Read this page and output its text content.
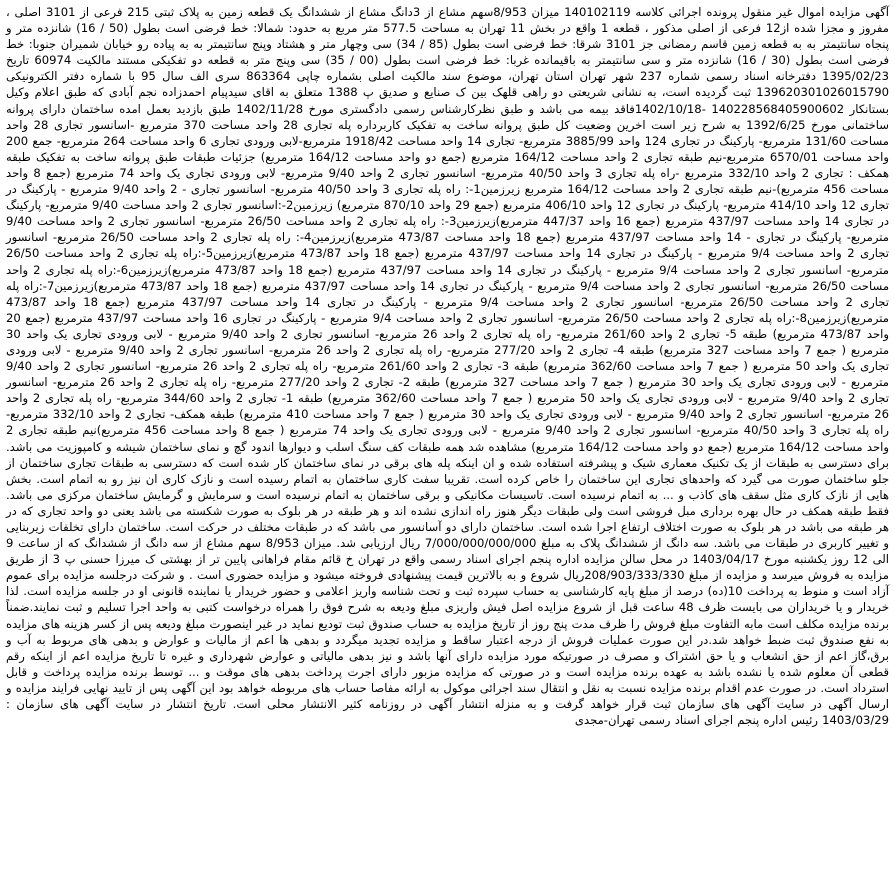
آگهی مزایده اموال غیر منقول پرونده اجرائی کلاسه 140102119 میزان 8/953سهم مشاع از 3دانگ مشاع از ششدانگ یک قطعه زمین به پلاک ثبتی 215 فرعی از 3101 اصلی ، مفروز و مجزا شده از12 فرعی از اصلی مذکور ، قطعه 1 واقع در بخش 11 تهران به مساحت 577.5 متر مربع به حدود: شمالا: خط فرضی است بطول (50 / 16) شانزده متر و پنجاه سانتیمتر به به قطعه زمین قاسم رمضانی جز 3101 شرقا: خط فرضی است بطول (85 / 34) سی وچهار متر و هشتاد وپنج سانتیمتر به به پیاده رو خیابان شمیران جنوبا: خط فرضی است بطول (30 / 16) شانزده متر و سی سانتیمتر به باقیمانده غربا: خط فرضی است بطول (00 / 35) سی وپنج متر به قطعه دو تفکیکی مستند مالکیت 60974 تاریخ 1395/02/23 دفترخانه اسناد رسمی شماره 237 شهر تهران استان تهران، موضوع سند مالکیت اصلی بشماره چاپی 863364 سری الف سال 95 با شماره دفتر الکترونیکی 139620301026015790 ثبت گردیده است، به نشانی شریعتی دو راهی قلهک بین ک صنایع و صدیق پ 1388 متعلق به اقای سیدپیام احمدزاده نجم آبادی که طبق اعلام وکیل بستانکار 140228568405900602 -1402/10/18فاقد بیمه می باشد و طبق نظرکارشناس رسمی دادگستری مورخ 1402/11/28 طبق بازدید بعمل امده ساختمان دارای پروانه ساختمانی مورخ 1392/6/25 به شرح زیر است اخرین وضعیت کل طبق پروانه ساخت به تفکیک کاربرداره پله تجاری 28 واحد مساحت 370 مترمربع -اسانسور تجاری 28 واحد مساحت 131/60 مترمربع- پارکینگ در تجاری 124 واحد 3885/99 مترمربع- تجاری 14 واحد مساحت 1918/42 مترمربع-لابی ورودی تجاری 6 واحد مساحت 264 مترمربع- جمع 200 واحد مساحت 6570/01 مترمربع-نیم طبقه تجاری 2 واحد مساحت 164/12 مترمربع (جمع دو واحد مساحت 164/12 مترمربع) جزئیات طبقات طبق پروانه ساخت به تفکیک طبقه همکف : تجاری 2 واحد 332/10 مترمربع -راه پله تجاری 3 واحد 40/50 مترمربع- اسانسور تجاری 2 واحد 9/40 مترمربع- لابی ورودی تجاری یک واحد 74 مترمربع (جمع 8 واحد مساحت 456 مترمربع)-نیم طبقه تجاری 2 واحد مساحت 164/12 مترمربع زیرزمین1-: راه پله تجاری 3 واحد 40/50 مترمربع- اسانسور تجاری - 2 واحد 9/40 مترمربع - پارکینگ در تجاری 12 واحد 414/10 مترمربع- پارکینگ در تجاری 12 واحد 406/10 مترمربع (جمع 29 واحد 870/10 مترمربع) زیرزمین2-:اسانسور تجاری 2 واحد مساحت 9/40 مترمربع- پارکینگ در تجاری 14 واحد مساحت 437/97 مترمربع (جمع 16 واحد 447/37 مترمربع)زیرزمین3-: راه پله تجاری 2 واحد مساحت 26/50 مترمربع- اسانسور تجاری 2 واحد مساحت 9/40 مترمربع- پارکینگ در تجاری - 14 واحد مساحت 437/97 مترمربع (جمع 18 واحد مساحت 473/87 مترمربع)زیرزمین4-: راه پله تجاری 2 واحد مساحت 26/50 مترمربع- اسانسور تجاری 2 واحد مساحت 9/4 مترمربع - پارکینگ در تجاری 14 واحد مساحت 437/97 مترمربع (جمع 18 واحد 473/87 مترمربع)زیرزمین5-:راه پله تجاری 2 واحد مساحت 26/50 مترمربع- اسانسور تجاری 2 واحد مساحت 9/4 مترمربع - پارکینگ در تجاری 14 واحد مساحت 437/97 مترمربع (جمع 18 واحد 473/87 مترمربع)زیرزمین6-:راه پله تجاری 2 واحد مساحت 26/50 مترمربع- اسانسور تجاری 2 واحد مساحت 9/4 مترمربع - پارکینگ در تجاری 14 واحد مساحت 437/97 مترمربع (جمع 18 واحد 473/87 مترمربع)زیرزمین7-:راه پله تجاری 2 واحد مساحت 26/50 مترمربع- اسانسور تجاری 2 واحد مساحت 9/4 مترمربع - پارکینگ در تجاری 14 واحد مساحت 437/97 مترمربع (جمع 18 واحد 473/87 مترمربع)زیرزمین8-:راه پله تجاری 2 واحد مساحت 26/50 مترمربع- اسانسور تجاری 2 واحد مساحت 9/4 مترمربع - پارکینگ در تجاری 16 واحد مساحت 437/97 مترمربع (جمع 20 واحد 473/87 مترمربع) طبقه 5- تجاری 2 واحد 261/60 مترمربع- راه پله تجاری 2 واحد 26 مترمربع- اسانسور تجاری 2 واحد 9/40 مترمربع - لابی ورودی تجاری یک واحد 30 مترمربع ( جمع 7 واحد مساحت 327 مترمربع) طبقه 4- تجاری 2 واحد 277/20 مترمربع- راه پله تجاری 2 واحد 26 مترمربع- اسانسور تجاری 2 واحد 9/40 مترمربع - لابی ورودی تجاری یک واحد 50 مترمربع ( جمع 7 واحد مساحت 362/60 مترمربع) طبقه 3- تجاری 2 واحد 261/60 مترمربع- راه پله تجاری 2 واحد 26 مترمربع- اسانسور تجاری 2 واحد 9/40 مترمربع - لابی ورودی تجاری یک واحد 30 مترمربع ( جمع 7 واحد مساحت 327 مترمربع) طبقه 2- تجاری 2 واحد 277/20 مترمربع- راه پله تجاری 2 واحد 26 مترمربع- اسانسور تجاری 2 واحد 9/40 مترمربع - لابی ورودی تجاری یک واحد 50 مترمربع ( جمع 7 واحد مساحت 362/60 مترمربع) طبقه 1- تجاری 2 واحد 344/60 مترمربع- راه پله تجاری 2 واحد 26 مترمربع- اسانسور تجاری 2 واحد 9/40 مترمربع - لابی ورودی تجاری یک واحد 30 مترمربع ( جمع 7 واحد مساحت 410 مترمربع) طبقه همکف- تجاری 2 واحد 332/10 مترمربع- راه پله تجاری 3 واحد 40/50 مترمربع- اسانسور تجاری 2 واحد 9/40 مترمربع - لابی ورودی تجاری یک واحد 74 مترمربع ( جمع 8 واحد مساحت 456 مترمربع)نیم طبقه تجاری 2 واحد مساحت 164/12 مترمربع (جمع دو واحد مساحت 164/12 مترمربع) مشاهده شد همه طبقات کف سنگ اسلب و دیوارها اندود گچ و نمای ساختمان شیشه و کامپوزیت می باشد. برای دسترسی به طبقات از یک تکنیک معماری شیک و پیشرفته استفاده شده و ان اینکه پله های برقی در نمای ساختمان کار شده است که دسترسی به طبقات تجاری ساختمان از جلو ساختمان صورت می گیرد که واحدهای تجاری این ساختمان را خاص کرده است. تقریبا سفت کاری ساختمان به اتمام رسیده است و نازک کاری ان نیز رو به اتمام است. بخش هایی از نازک کاری مثل سقف های کاذب و ... به اتمام نرسیده است. تاسیسات مکانیکی و برقی ساختمان به اتمام نرسیده است و سرمایش و گرمایش ساختمان مرکزی می باشد. فقط طبقه همکف در حال بهره برداری مبل فروشی است ولی طبقات دیگر هنوز راه اندازی نشده اند و هر طبقه در هر بلوک به صورت شکسته می باشد یعنی دو واحد تجاری که در هر طبقه می باشد در هر بلوک به صورت اختلاف ارتفاع اجرا شده است. ساختمان دارای دو آسانسور می باشد که در طبقات مختلف در حرکت است. ساختمان دارای تخلفات زیربنایی و تغییر کاربری در طبقات می باشد. سه دانگ از ششدانگ پلاک به مبلغ 7/000/000/000/000 ریال ارزیابی شد. میزان 8/953 سهم مشاع از سه دانگ از ششدانگ که از ساعت 9 الی 12 روز یکشنبه مورخ 1403/04/17 در محل سالن مزایده اداره پنجم اجرای اسناد رسمی واقع در تهران خ قائم مقام فراهانی پایین تر از بهشتی ک میرزا حسنی پ 3 از طریق مزایده به فروش میرسد و مزایده از مبلغ 208/903/333/330ریال شروع و به بالاترین قیمت پیشنهادی فروخته میشود و مزایده حضوری است . و شرکت درجلسه مزایده برای عموم آزاد است و منوط به پرداخت 10(ده) درصد از مبلغ پایه کارشناسی به حساب سپرده ثبت و تحت شناسه واریز اعلامی و حضور خریدار یا نماینده قانونی او در جلسه مزایده است. لذا خریدار و یا خریداران می بایست ظرف 48 ساعت قبل از شروع مزایده اصل فیش واریزی مبلغ ودیعه به شرح فوق را همراه درخواست کتبی به واحد اجرا تسلیم و ثبت نمایند.ضمناً برنده مزایده مکلف است مابه التفاوت مبلغ فروش را ظرف مدت پنج روز از تاریخ مزایده به حساب صندوق ثبت تودیع نماید در غیر اینصورت مبلغ ودیعه پس از کسر هزینه های مزایده به نفع صندوق ثبت ضبط خواهد شد.در این صورت عملیات فروش از درجه اعتبار ساقط و مزایده تجدید میگردد و بدهی ها اعم از مالیات و عوارض و بدهی های مربوط به آب و برق،گاز اعم از حق انشعاب و یا حق اشتراک و مصرف در صورتیکه مورد مزایده دارای آنها باشد و نیز بدهی مالیاتی و عوارض شهرداری و غیره تا تاریخ مزایده اعم از اینکه رقم قطعی آن معلوم شده یا نشده باشد به عهده برنده مزایده است و در صورتی که مزایده مزبور دارای اجرت پرداخت بدهی های موقت و ... توسط برنده مزایده پرداخت و قابل استرداد است. در صورت عدم اقدام برنده مزایده نسبت به نقل و انتقال سند اجرائی موکول به ارائه مفاصا حساب های مربوطه خواهد بود این آگهی پس از تایید نهایی فرایند مزایده و ارسال آگهی در سایت آگهی های سازمان ثبت قرار خواهد گرفت و به منزله انتشار آگهی در روزنامه کثیر الانتشار محلی است. تاریخ انتشار در سایت آگهی های سازمان : 1403/03/29 رئیس اداره پنجم اجرای اسناد رسمی تهران-مجدی
